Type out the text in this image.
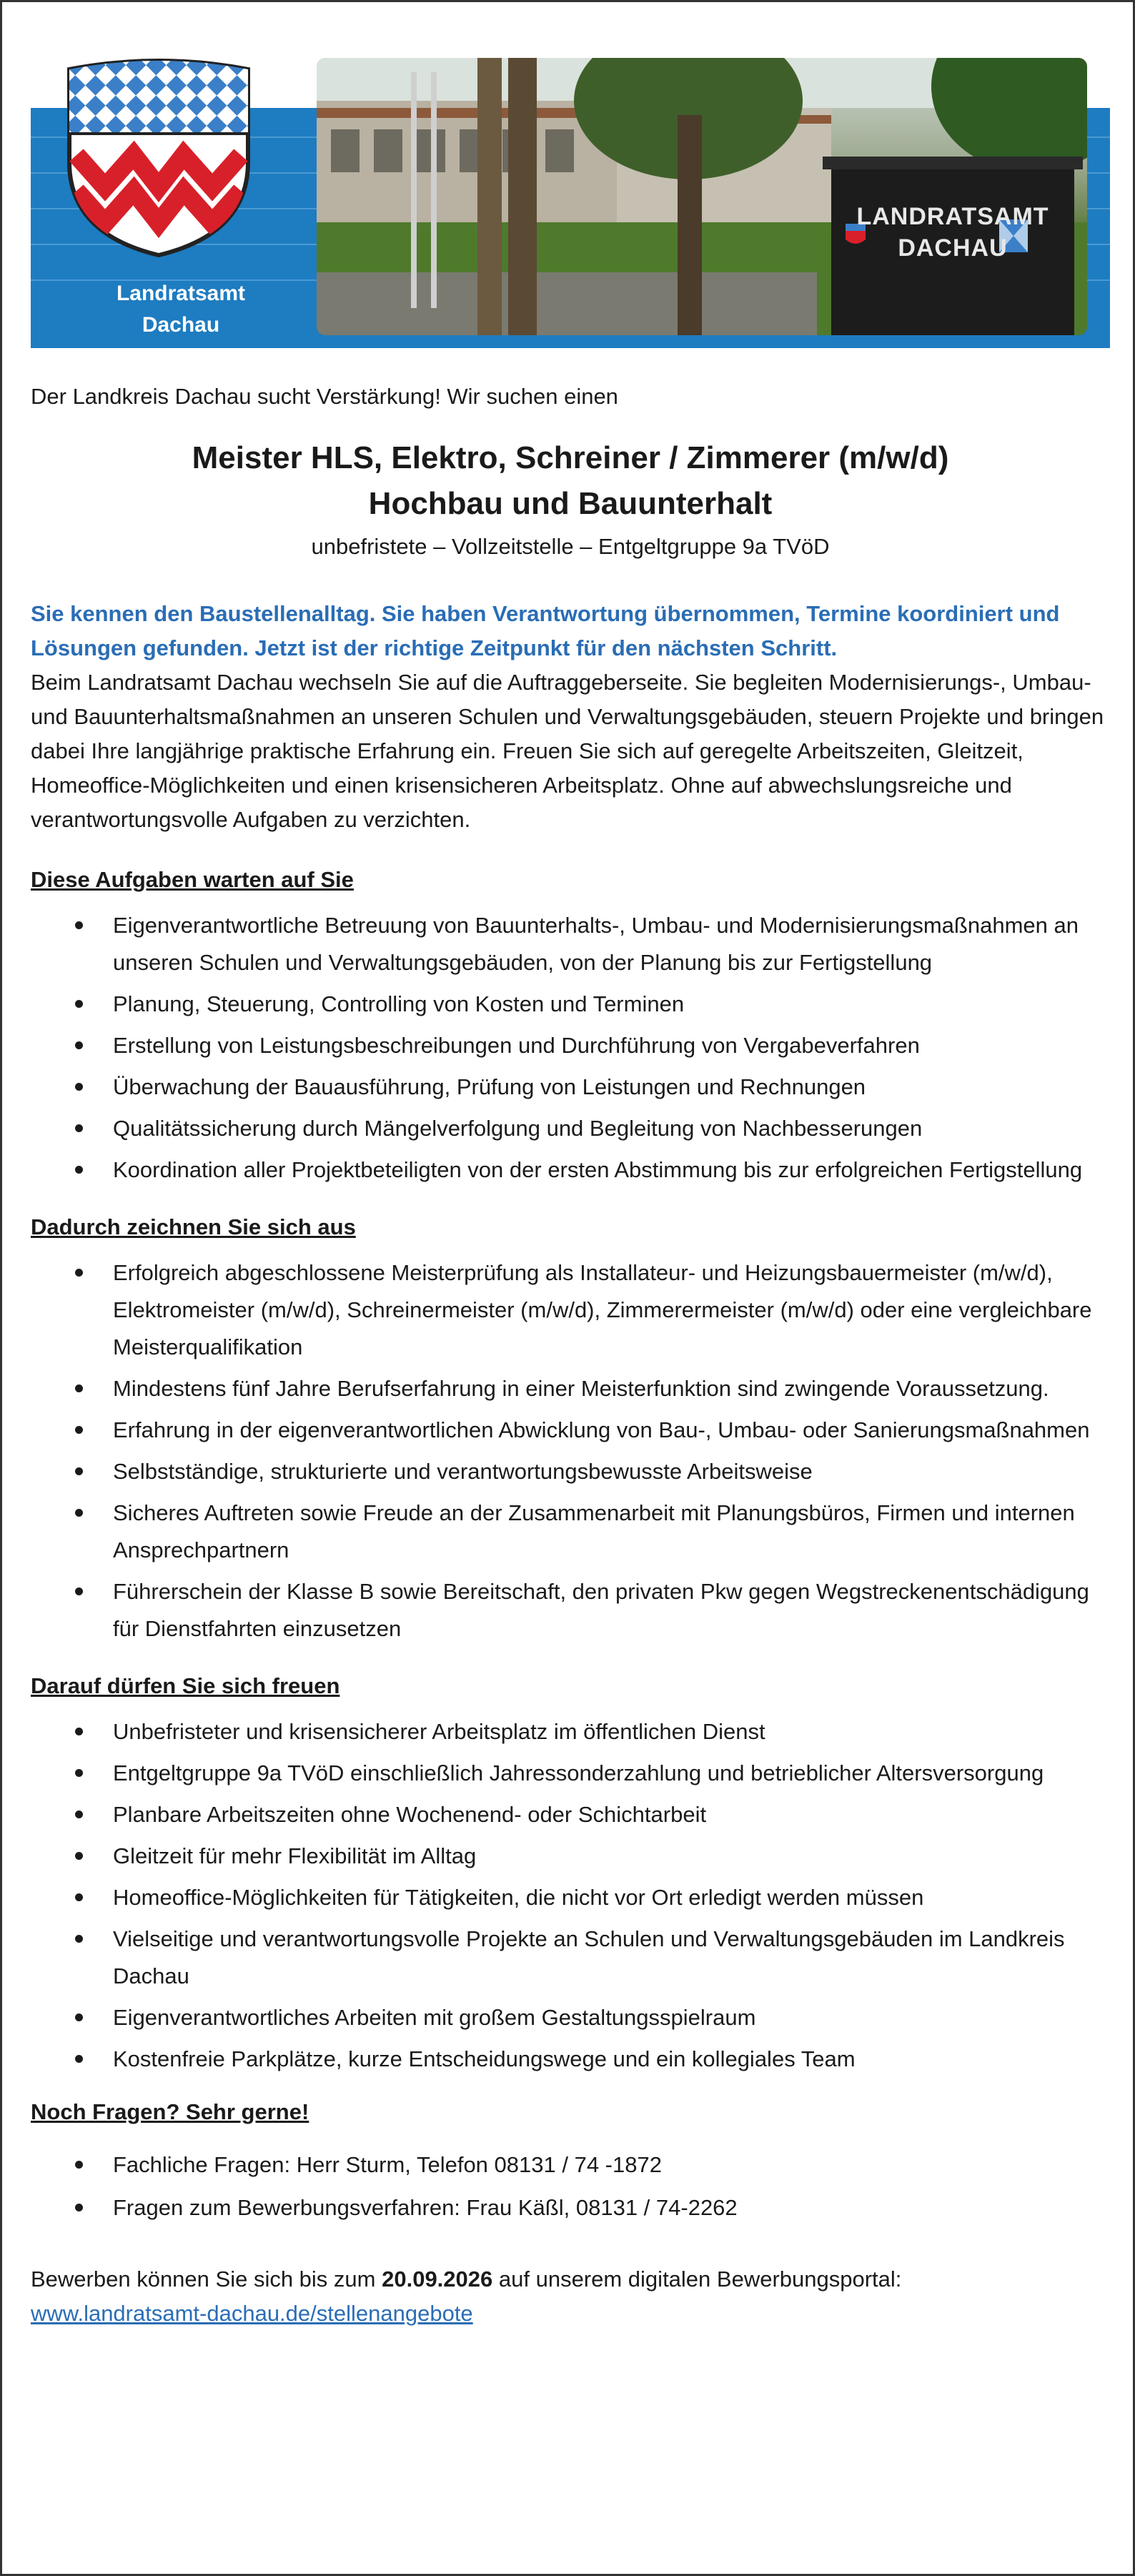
Landratsamt
Dachau
LANDRATSAMT
DACHAU

Der Landkreis Dachau sucht Verstärkung! Wir suchen einen

Meister HLS, Elektro, Schreiner / Zimmerer (m/w/d)

Hochbau und Bauunterhalt

unbefristete – Vollzeitstelle – Entgeltgruppe 9a TVöD

Sie kennen den Baustellenalltag. Sie haben Verantwortung übernommen, Termine koordiniert und Lösungen gefunden. Jetzt ist der richtige Zeitpunkt für den nächsten Schritt.

Beim Landratsamt Dachau wechseln Sie auf die Auftraggeberseite. Sie begleiten Modernisierungs-, Umbau- und Bauunterhaltsmaßnahmen an unseren Schulen und Verwaltungsgebäuden, steuern Projekte und bringen dabei Ihre langjährige praktische Erfahrung ein. Freuen Sie sich auf geregelte Arbeitszeiten, Gleitzeit, Homeoffice-Möglichkeiten und einen krisensicheren Arbeitsplatz. Ohne auf abwechslungsreiche und verantwortungsvolle Aufgaben zu verzichten.

Diese Aufgaben warten auf Sie

Eigenverantwortliche Betreuung von Bauunterhalts-, Umbau- und Modernisierungsmaßnahmen an unseren Schulen und Verwaltungsgebäuden, von der Planung bis zur Fertigstellung
Planung, Steuerung, Controlling von Kosten und Terminen
Erstellung von Leistungsbeschreibungen und Durchführung von Vergabeverfahren
Überwachung der Bauausführung, Prüfung von Leistungen und Rechnungen
Qualitätssicherung durch Mängelverfolgung und Begleitung von Nachbesserungen
Koordination aller Projektbeteiligten von der ersten Abstimmung bis zur erfolgreichen Fertigstellung

Dadurch zeichnen Sie sich aus

Erfolgreich abgeschlossene Meisterprüfung als Installateur- und Heizungsbauermeister (m/w/d), Elektromeister (m/w/d), Schreinermeister (m/w/d), Zimmerermeister (m/w/d) oder eine vergleichbare Meisterqualifikation
Mindestens fünf Jahre Berufserfahrung in einer Meisterfunktion sind zwingende Voraussetzung.
Erfahrung in der eigenverantwortlichen Abwicklung von Bau-, Umbau- oder Sanierungsmaßnahmen
Selbstständige, strukturierte und verantwortungsbewusste Arbeitsweise
Sicheres Auftreten sowie Freude an der Zusammenarbeit mit Planungsbüros, Firmen und internen Ansprechpartnern
Führerschein der Klasse B sowie Bereitschaft, den privaten Pkw gegen Wegstreckenentschädigung für Dienstfahrten einzusetzen

Darauf dürfen Sie sich freuen

Unbefristeter und krisensicherer Arbeitsplatz im öffentlichen Dienst
Entgeltgruppe 9a TVöD einschließlich Jahressonderzahlung und betrieblicher Altersversorgung
Planbare Arbeitszeiten ohne Wochenend- oder Schichtarbeit
Gleitzeit für mehr Flexibilität im Alltag
Homeoffice-Möglichkeiten für Tätigkeiten, die nicht vor Ort erledigt werden müssen
Vielseitige und verantwortungsvolle Projekte an Schulen und Verwaltungsgebäuden im Landkreis Dachau
Eigenverantwortliches Arbeiten mit großem Gestaltungsspielraum
Kostenfreie Parkplätze, kurze Entscheidungswege und ein kollegiales Team

Noch Fragen? Sehr gerne!

Fachliche Fragen: Herr Sturm, Telefon 08131 / 74 -1872
Fragen zum Bewerbungsverfahren: Frau Käßl, 08131 / 74-2262

Bewerben können Sie sich bis zum 20.09.2026 auf unserem digitalen Bewerbungsportal:

www.landratsamt-dachau.de/stellenangebote
